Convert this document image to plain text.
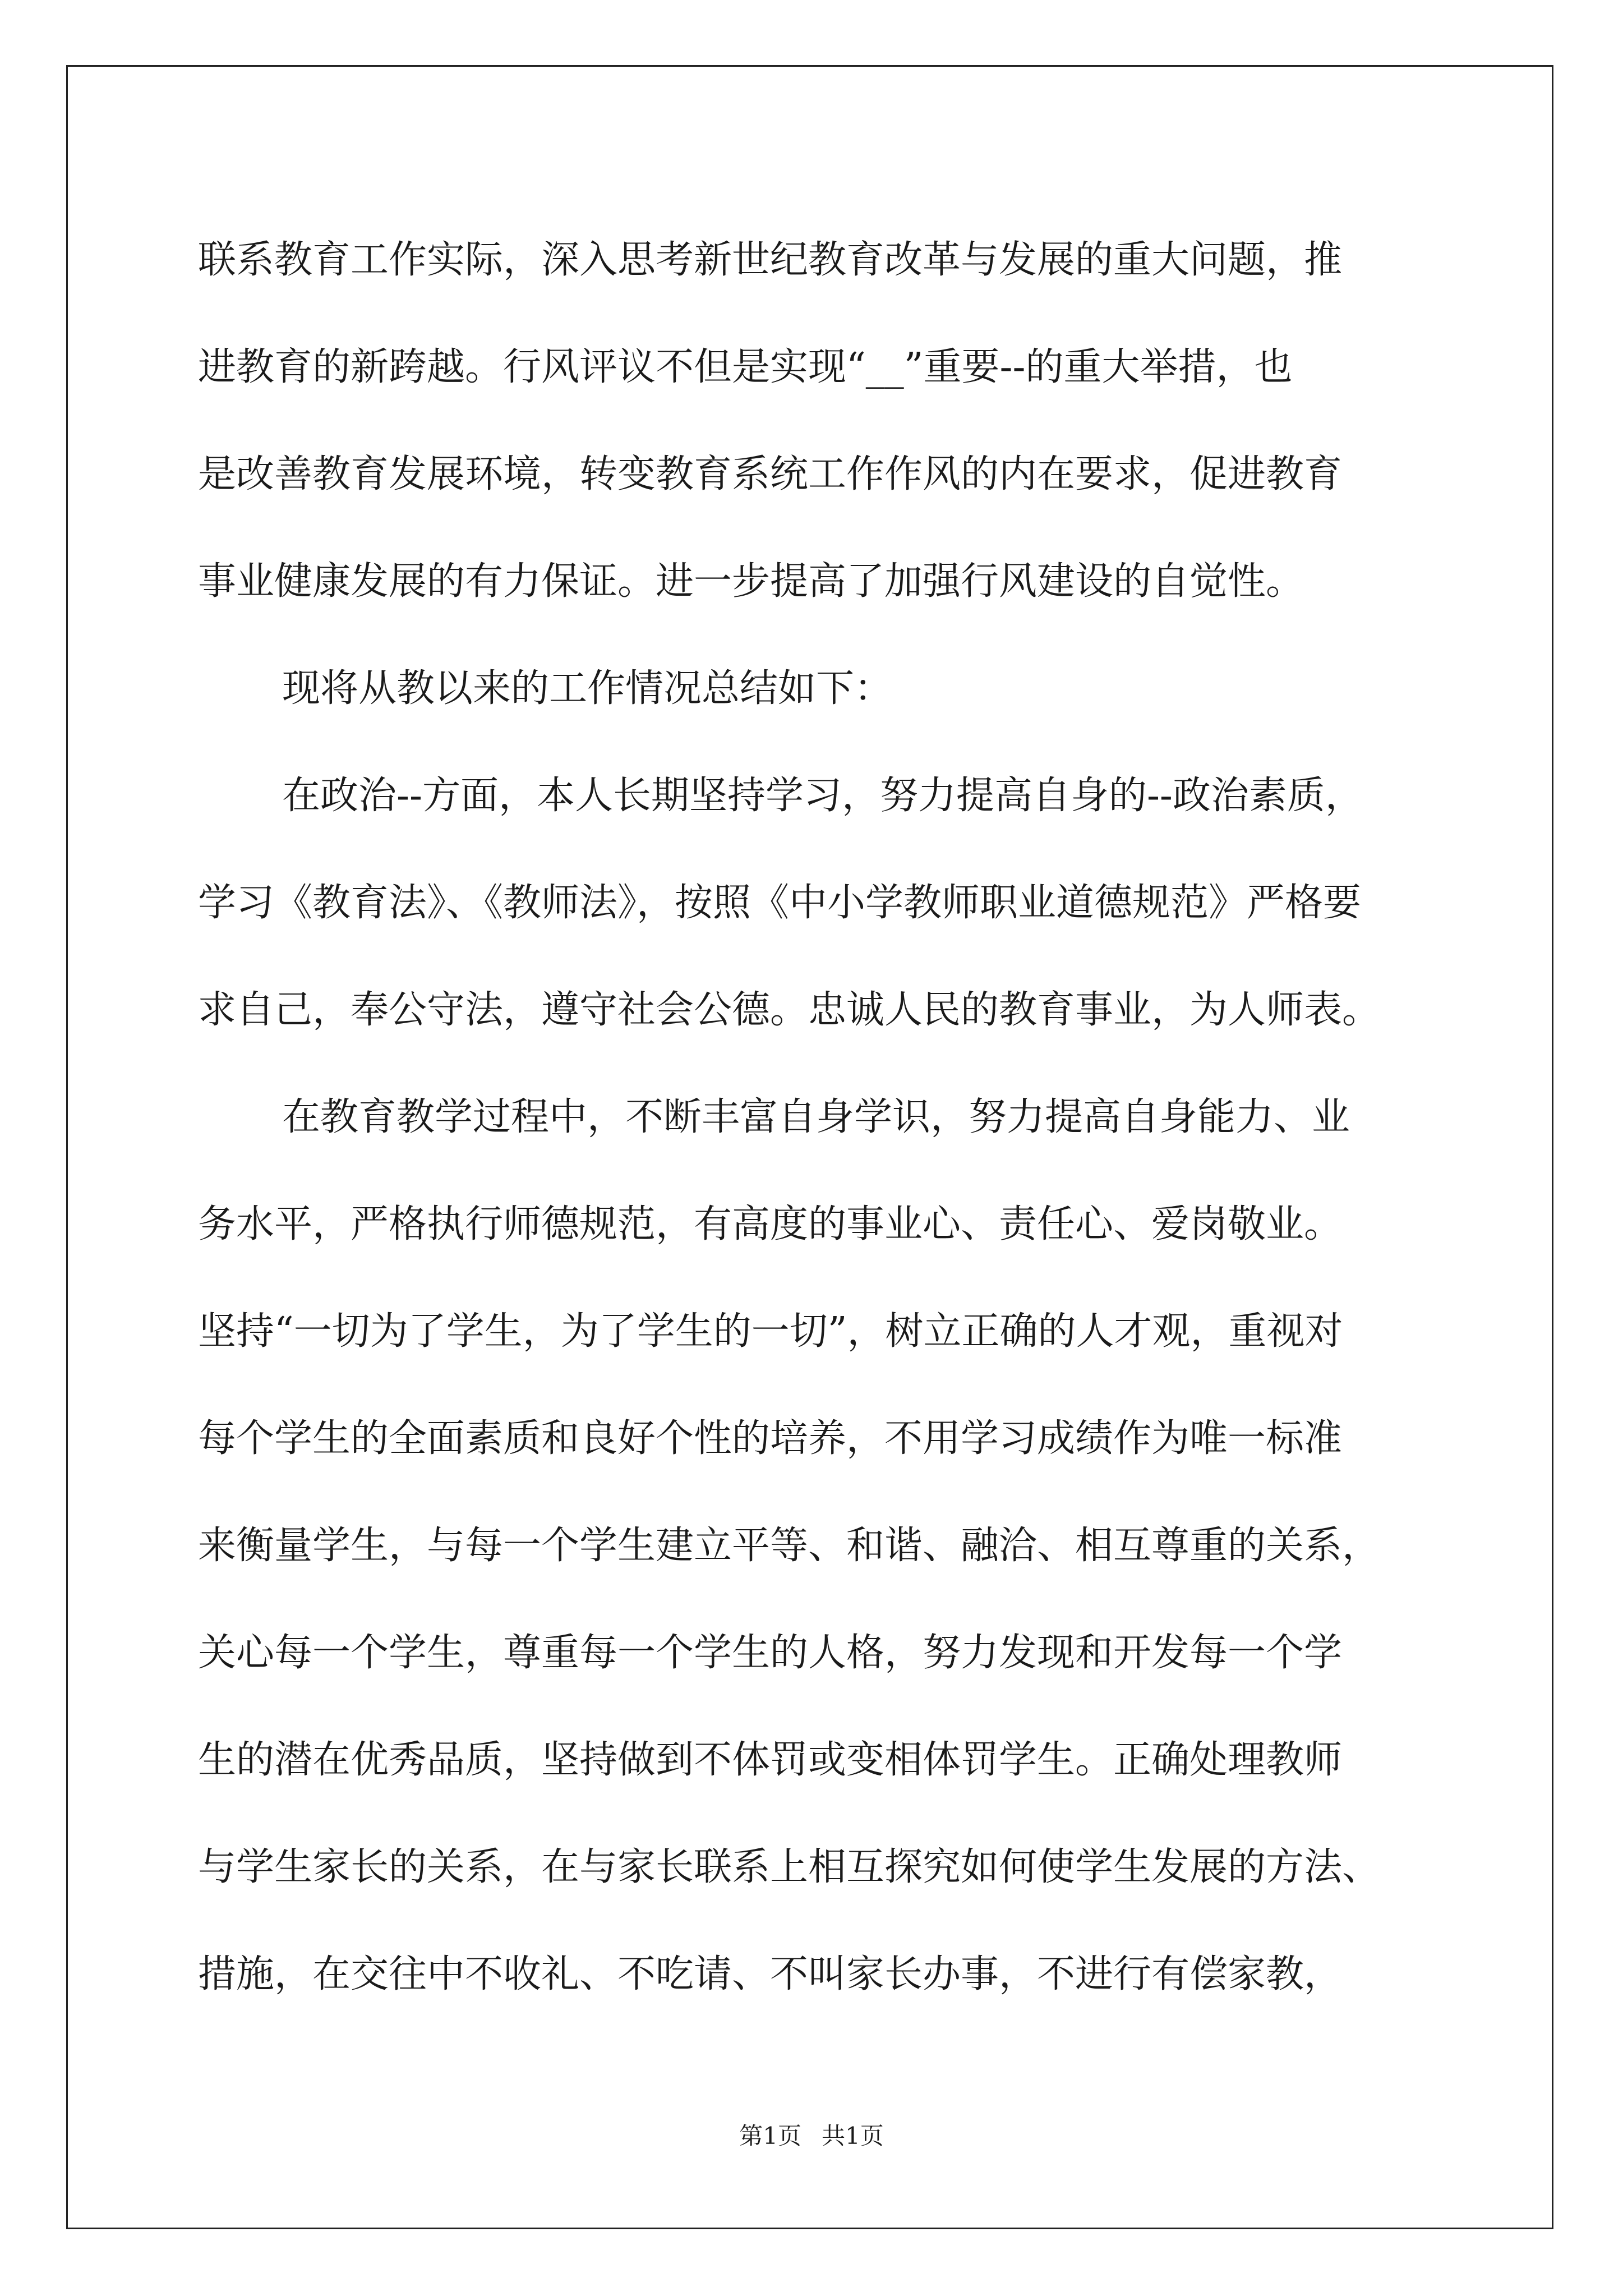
联系教育工作实际，深入思考新世纪教育改革与发展的重大问题，推
进教育的新跨越。行风评议不但是实现“__”重要--的重大举措，也
是改善教育发展环境，转变教育系统工作作风的内在要求，促进教育
事业健康发展的有力保证。进一步提高了加强行风建设的自觉性。
现将从教以来的工作情况总结如下：
在政治--方面，本人长期坚持学习，努力提高自身的--政治素质，
学习《教育法》、《教师法》，按照《中小学教师职业道德规范》严格要
求自己，奉公守法，遵守社会公德。忠诚人民的教育事业，为人师表。
在教育教学过程中，不断丰富自身学识，努力提高自身能力、业
务水平，严格执行师德规范，有高度的事业心、责任心、爱岗敬业。
坚持“一切为了学生，为了学生的一切”，树立正确的人才观，重视对
每个学生的全面素质和良好个性的培养，不用学习成绩作为唯一标准
来衡量学生，与每一个学生建立平等、和谐、融洽、相互尊重的关系，
关心每一个学生，尊重每一个学生的人格，努力发现和开发每一个学
生的潜在优秀品质，坚持做到不体罚或变相体罚学生。正确处理教师
与学生家长的关系，在与家长联系上相互探究如何使学生发展的方法、
措施，在交往中不收礼、不吃请、不叫家长办事，不进行有偿家教，
第1页 共1页
